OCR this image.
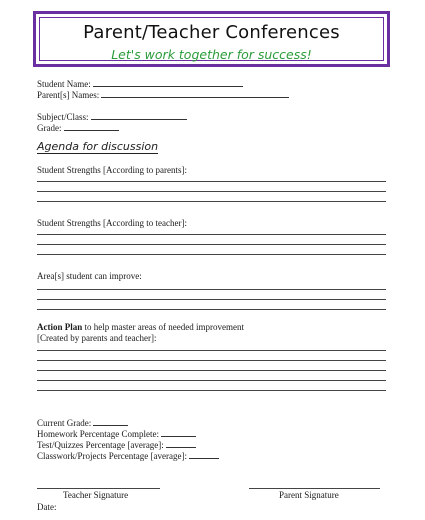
Parent/Teacher Conferences
Let's work together for success!
Student Name:
Parent[s] Names:
Subject/Class:
Grade:
Agenda for discussion
Student Strengths [According to parents]:
Student Strengths [According to teacher]:
Area[s] student can improve:
Action Plan to help master areas of needed improvement
[Created by parents and teacher]:
Current Grade:
Homework Percentage Complete:
Test/Quizzes Percentage [average]:
Classwork/Projects Percentage [average]:
Teacher Signature	Parent Signature
Date:
